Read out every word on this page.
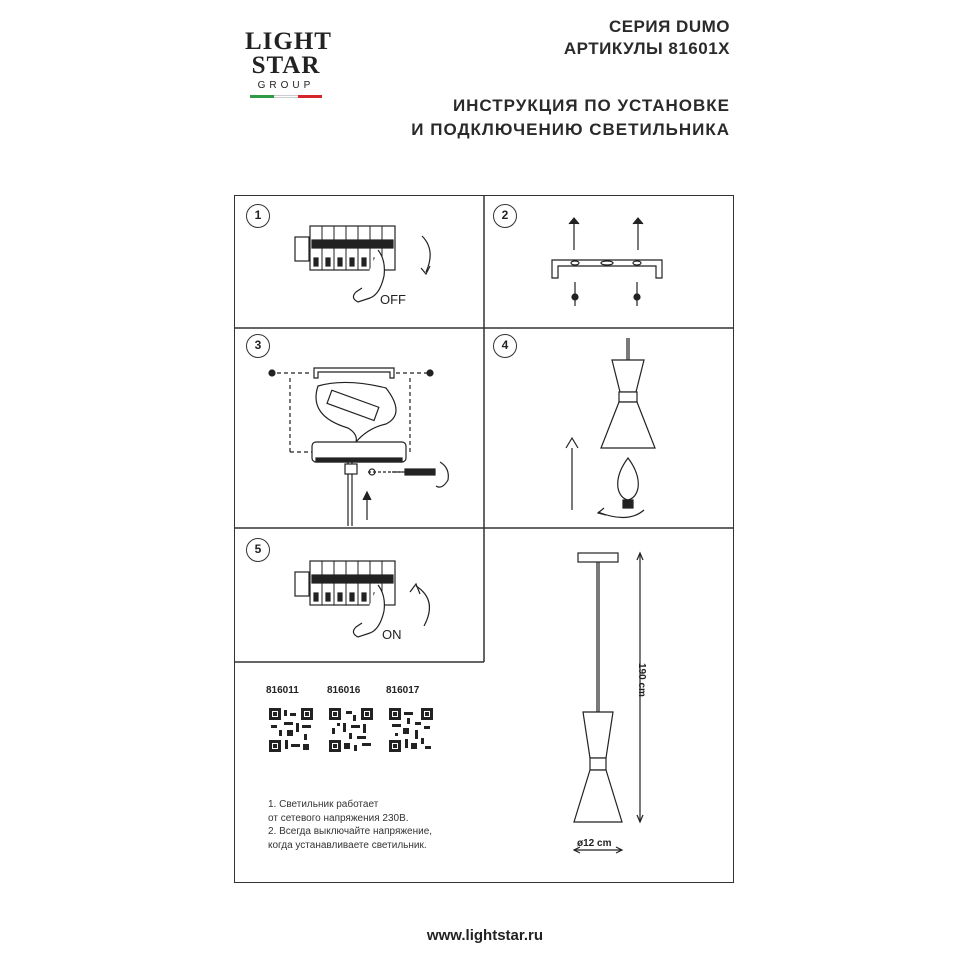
LIGHT
STAR
GROUP
СЕРИЯ DUMO
АРТИКУЛЫ 81601X
ИНСТРУКЦИЯ ПО УСТАНОВКЕ
И ПОДКЛЮЧЕНИЮ СВЕТИЛЬНИКА
1
OFF
2
3	4
5
ON
816011	816016	816017
1. Светильник работает
от сетевого напряжения 230В.
2. Всегда выключайте напряжение,
когда устанавливаете светильник.
190 cm
ø12 cm
www.lightstar.ru
